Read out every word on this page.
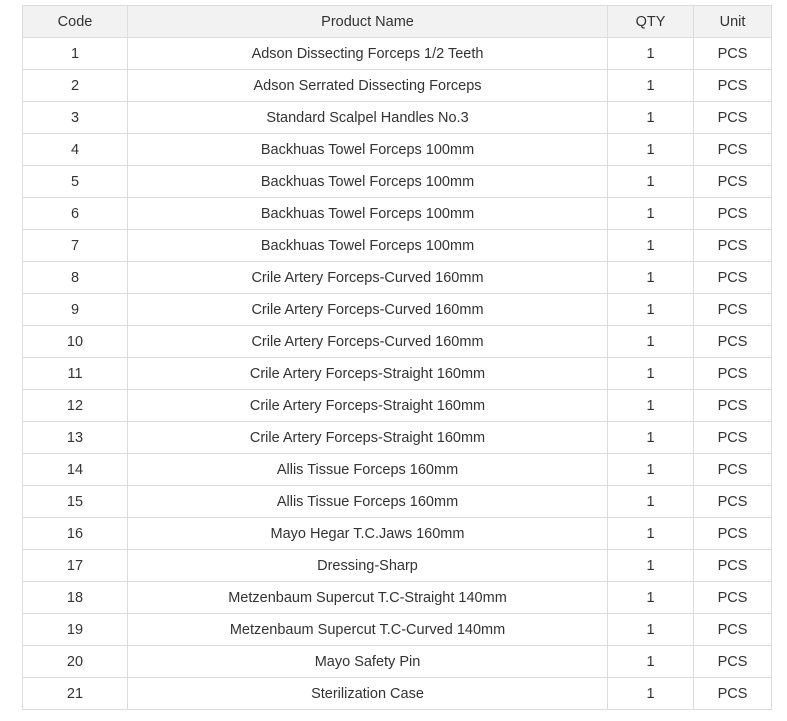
Code	Product Name	QTY	Unit
1	Adson Dissecting Forceps 1/2 Teeth	1	PCS
2	Adson Serrated Dissecting Forceps	1	PCS
3	Standard Scalpel Handles No.3	1	PCS
4	Backhuas Towel Forceps 100mm	1	PCS
5	Backhuas Towel Forceps 100mm	1	PCS
6	Backhuas Towel Forceps 100mm	1	PCS
7	Backhuas Towel Forceps 100mm	1	PCS
8	Crile Artery Forceps-Curved 160mm	1	PCS
9	Crile Artery Forceps-Curved 160mm	1	PCS
10	Crile Artery Forceps-Curved 160mm	1	PCS
11	Crile Artery Forceps-Straight 160mm	1	PCS
12	Crile Artery Forceps-Straight 160mm	1	PCS
13	Crile Artery Forceps-Straight 160mm	1	PCS
14	Allis Tissue Forceps 160mm	1	PCS
15	Allis Tissue Forceps 160mm	1	PCS
16	Mayo Hegar T.C.Jaws 160mm	1	PCS
17	Dressing-Sharp	1	PCS
18	Metzenbaum Supercut T.C-Straight 140mm	1	PCS
19	Metzenbaum Supercut T.C-Curved 140mm	1	PCS
20	Mayo Safety Pin	1	PCS
21	Sterilization Case	1	PCS
